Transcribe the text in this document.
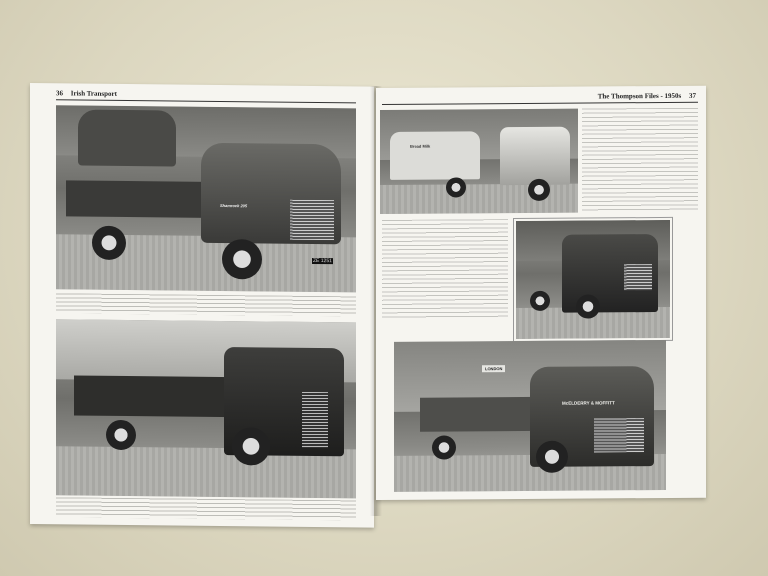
36 Irish Transport
Shamrock 205
ZE 1251
The Thompson Files - 1950s 37
Bread Milk
LONDON
McELDERRY & MOFFITT
